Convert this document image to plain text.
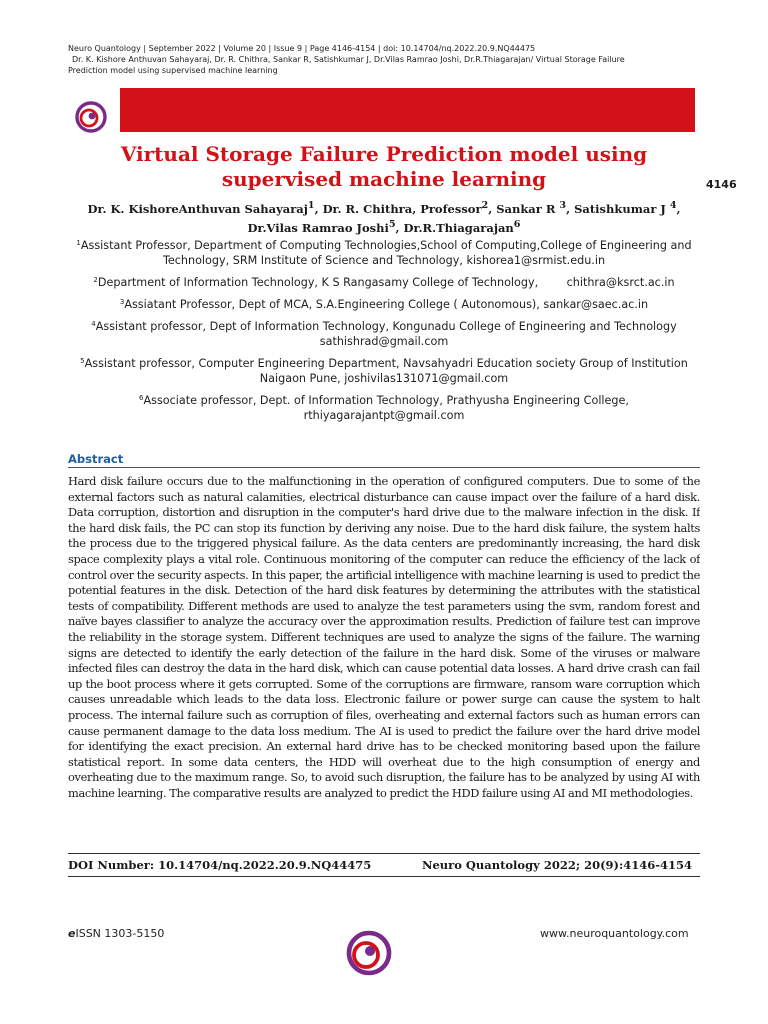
Neuro Quantology | September 2022 | Volume 20 | Issue 9 | Page 4146-4154 | doi: 10.14704/nq.2022.20.9.NQ44475
Dr. K. Kishore Anthuvan Sahayaraj, Dr. R. Chithra, Sankar R, Satishkumar J, Dr.Vilas Ramrao Joshi, Dr.R.Thiagarajan/ Virtual Storage Failure
Prediction model using supervised machine learning
Virtual Storage Failure Prediction model using supervised machine learning	4146
Dr. K. KishoreAnthuvan Sahayaraj$^1$, Dr. R. Chithra, Professor$^2$, Sankar R $^3$, Satishkumar J $^4$,
Dr.Vilas Ramrao Joshi$^5$, Dr.R.Thiagarajan$^6$
$^1$Assistant Professor, Department of Computing Technologies,School of Computing,College of Engineering and Technology, SRM Institute of Science and Technology, kishorea1@srmist.edu.in
$^2$Department of Information Technology, K S Rangasamy College of Technology,        chithra@ksrct.ac.in
$^3$Assiatant Professor, Dept of MCA, S.A.Engineering College ( Autonomous), sankar@saec.ac.in
$^4$Assistant professor, Dept of Information Technology, Kongunadu College of Engineering and Technology sathishrad@gmail.com
$^5$Assistant professor, Computer Engineering Department, Navsahyadri Education society Group of Institution Naigaon Pune, joshivilas131071@gmail.com
$^6$Associate professor, Dept. of Information Technology, Prathyusha Engineering College, rthiyagarajantpt@gmail.com
Abstract
Hard disk failure occurs due to the malfunctioning in the operation of configured computers. Due to some of the external factors such as natural calamities, electrical disturbance can cause impact over the failure of a hard disk. Data corruption, distortion and disruption in the computer's hard drive due to the malware infection in the disk. If the hard disk fails, the PC can stop its function by deriving any noise. Due to the hard disk failure, the system halts the process due to the triggered physical failure. As the data centers are predominantly increasing, the hard disk space complexity plays a vital role. Continuous monitoring of the computer can reduce the efficiency of the lack of control over the security aspects. In this paper, the artificial intelligence with machine learning is used to predict the potential features in the disk. Detection of the hard disk features by determining the attributes with the statistical tests of compatibility. Different methods are used to analyze the test parameters using the svm, random forest and naïve bayes classifier to analyze the accuracy over the approximation results. Prediction of failure test can improve the reliability in the storage system. Different techniques are used to analyze the signs of the failure. The warning signs are detected to identify the early detection of the failure in the hard disk. Some of the viruses or malware infected files can destroy the data in the hard disk, which can cause potential data losses. A hard drive crash can fail up the boot process where it gets corrupted. Some of the corruptions are firmware, ransom ware corruption which causes unreadable which leads to the data loss. Electronic failure or power surge can cause the system to halt process. The internal failure such as corruption of files, overheating and external factors such as human errors can cause permanent damage to the data loss medium. The AI is used to predict the failure over the hard drive model for identifying the exact precision. An external hard drive has to be checked monitoring based upon the failure statistical report. In some data centers, the HDD will overheat due to the high consumption of energy and overheating due to the maximum range. So, to avoid such disruption, the failure has to be analyzed by using AI with machine learning. The comparative results are analyzed to predict the HDD failure using AI and MI methodologies.
DOI Number: 10.14704/nq.2022.20.9.NQ44475	Neuro Quantology 2022; 20(9):4146-4154
eISSN 1303-5150	www.neuroquantology.com
